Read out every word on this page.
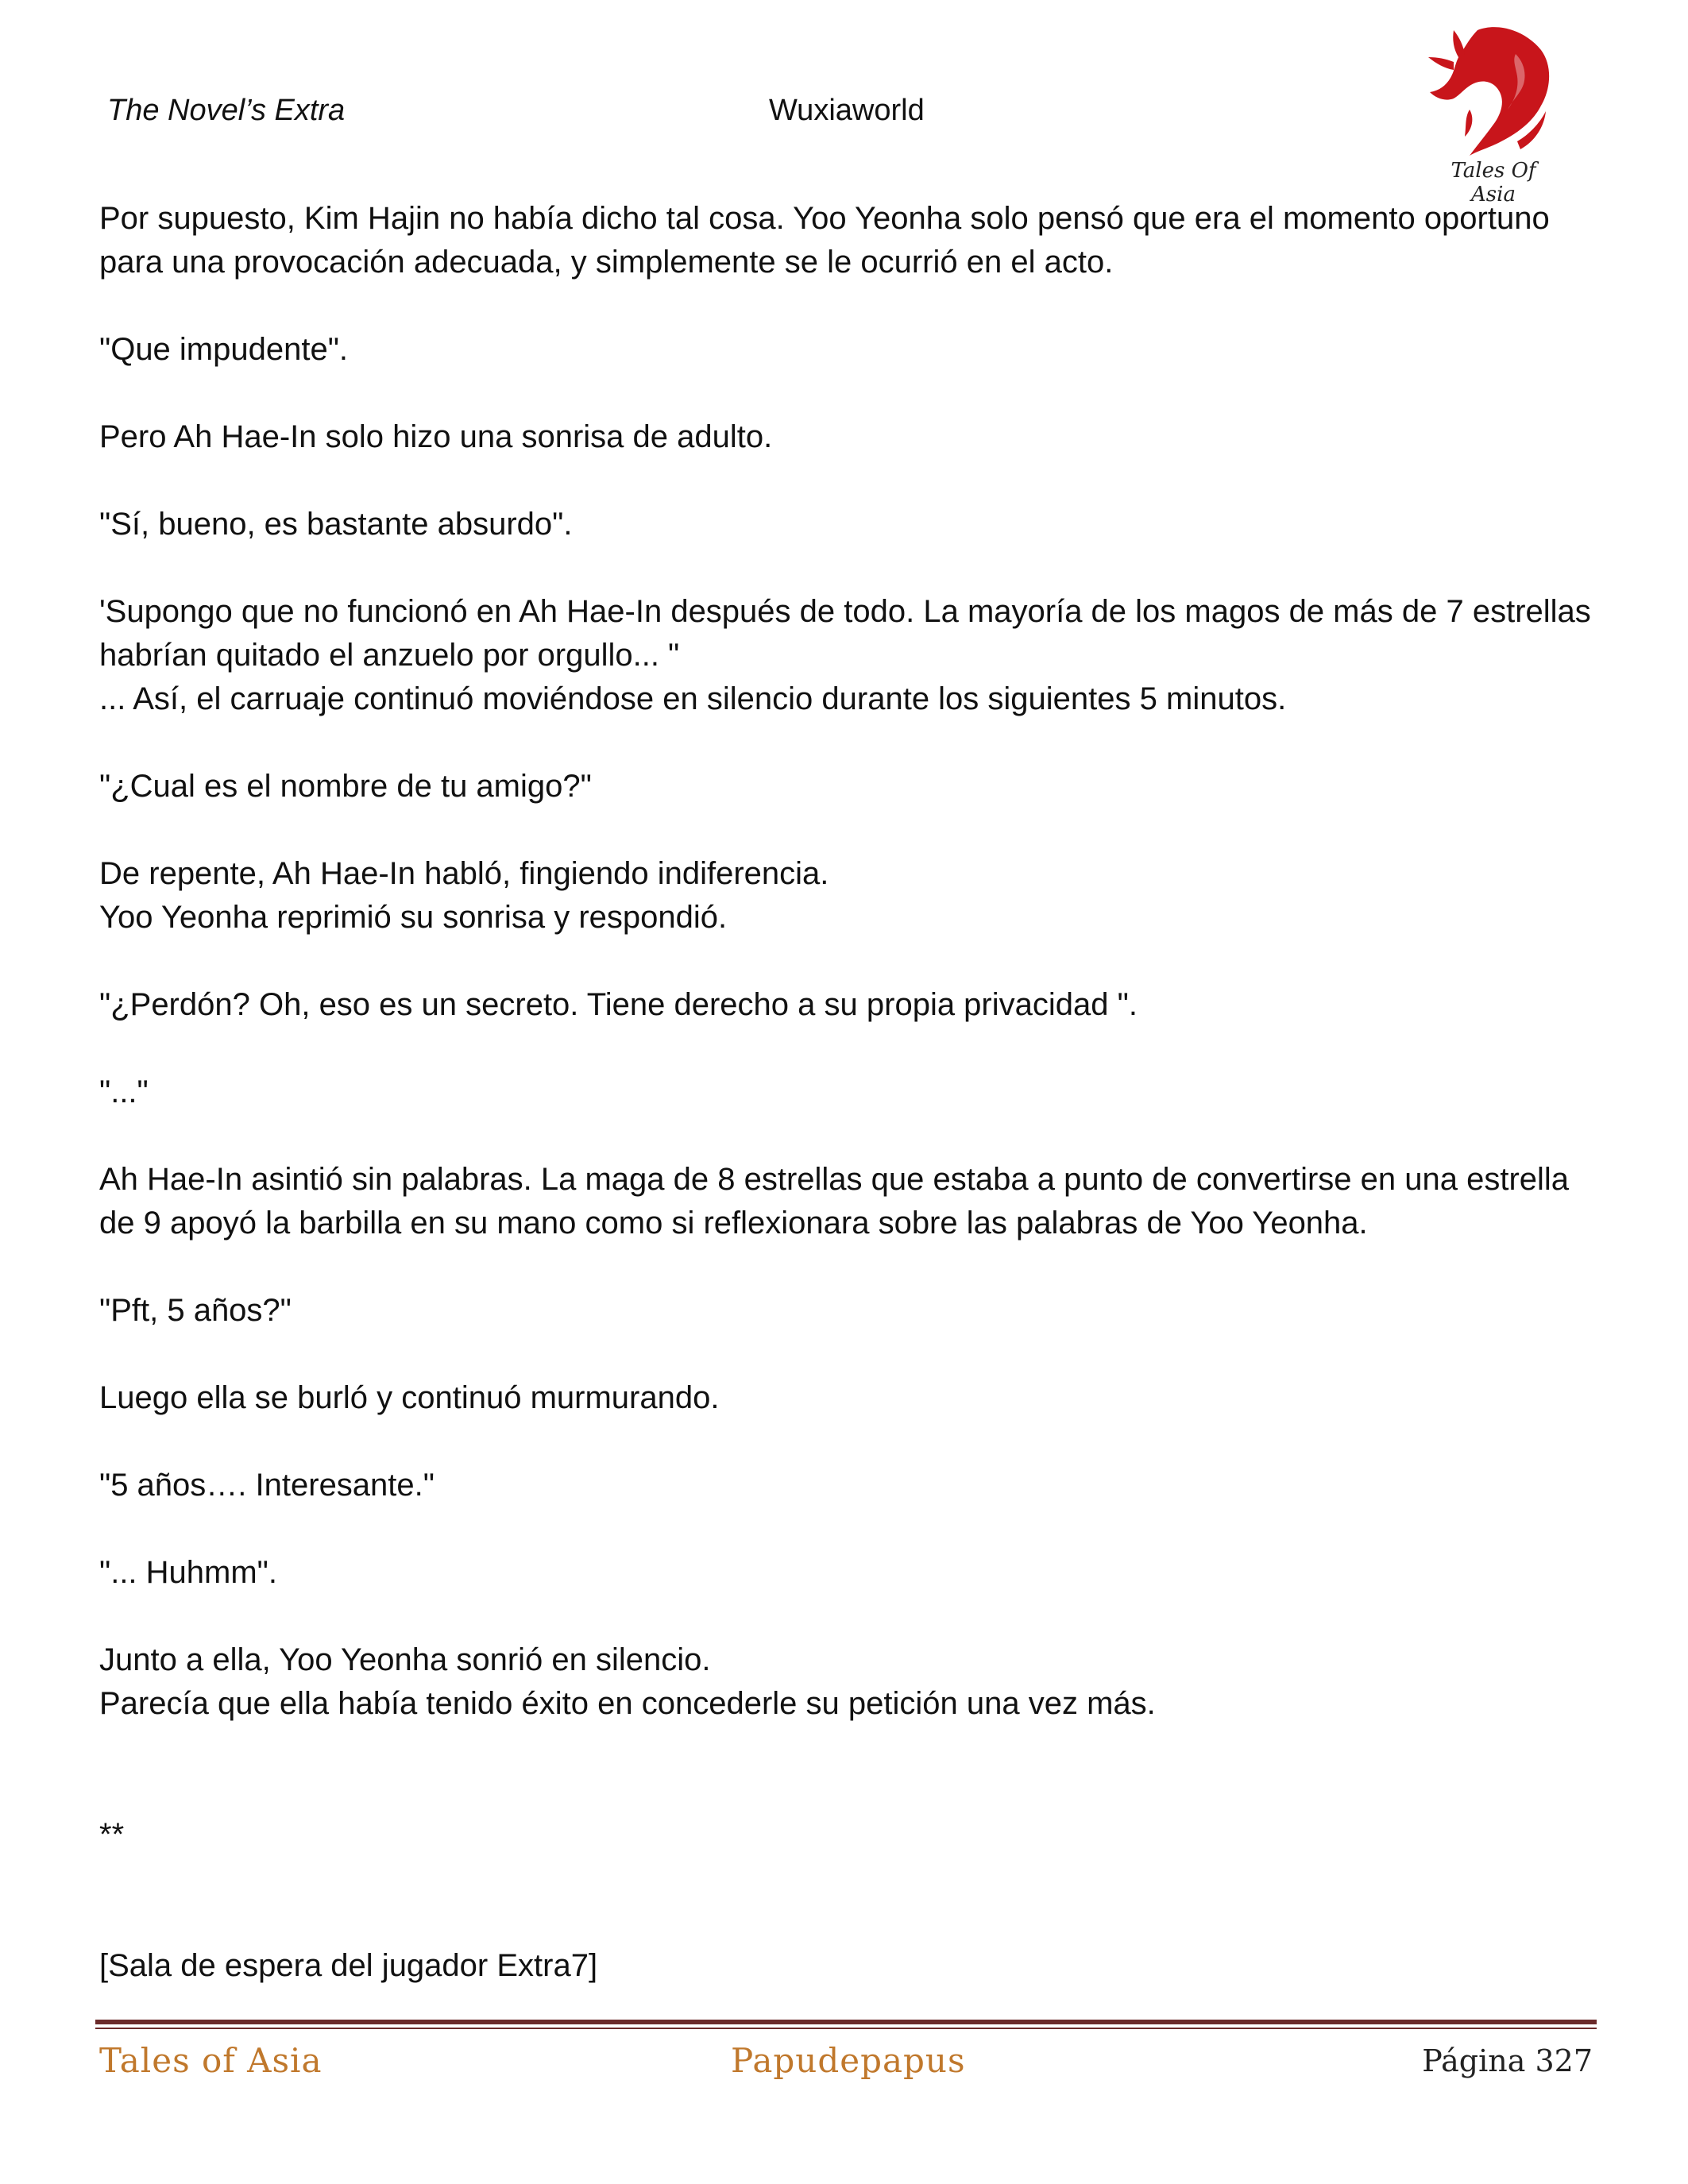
The Novel’s Extra	Wuxiaworld
Tales Of Asia

Por supuesto, Kim Hajin no había dicho tal cosa. Yoo Yeonha solo pensó que era el momento oportuno para una provocación adecuada, y simplemente se le ocurrió en el acto.

"Que impudente".

Pero Ah Hae-In solo hizo una sonrisa de adulto.

"Sí, bueno, es bastante absurdo".

'Supongo que no funcionó en Ah Hae-In después de todo. La mayoría de los magos de más de 7 estrellas habrían quitado el anzuelo por orgullo... "

... Así, el carruaje continuó moviéndose en silencio durante los siguientes 5 minutos.

"¿Cual es el nombre de tu amigo?"

De repente, Ah Hae-In habló, fingiendo indiferencia.

Yoo Yeonha reprimió su sonrisa y respondió.

"¿Perdón? Oh, eso es un secreto. Tiene derecho a su propia privacidad ".

"..."

Ah Hae-In asintió sin palabras. La maga de 8 estrellas que estaba a punto de convertirse en una estrella de 9 apoyó la barbilla en su mano como si reflexionara sobre las palabras de Yoo Yeonha.

"Pft, 5 años?"

Luego ella se burló y continuó murmurando.

"5 años…. Interesante."

"... Huhmm".

Junto a ella, Yoo Yeonha sonrió en silencio.

Parecía que ella había tenido éxito en concederle su petición una vez más.

**

[Sala de espera del jugador Extra7]

Tales of Asia	Papudepapus	Página 327
